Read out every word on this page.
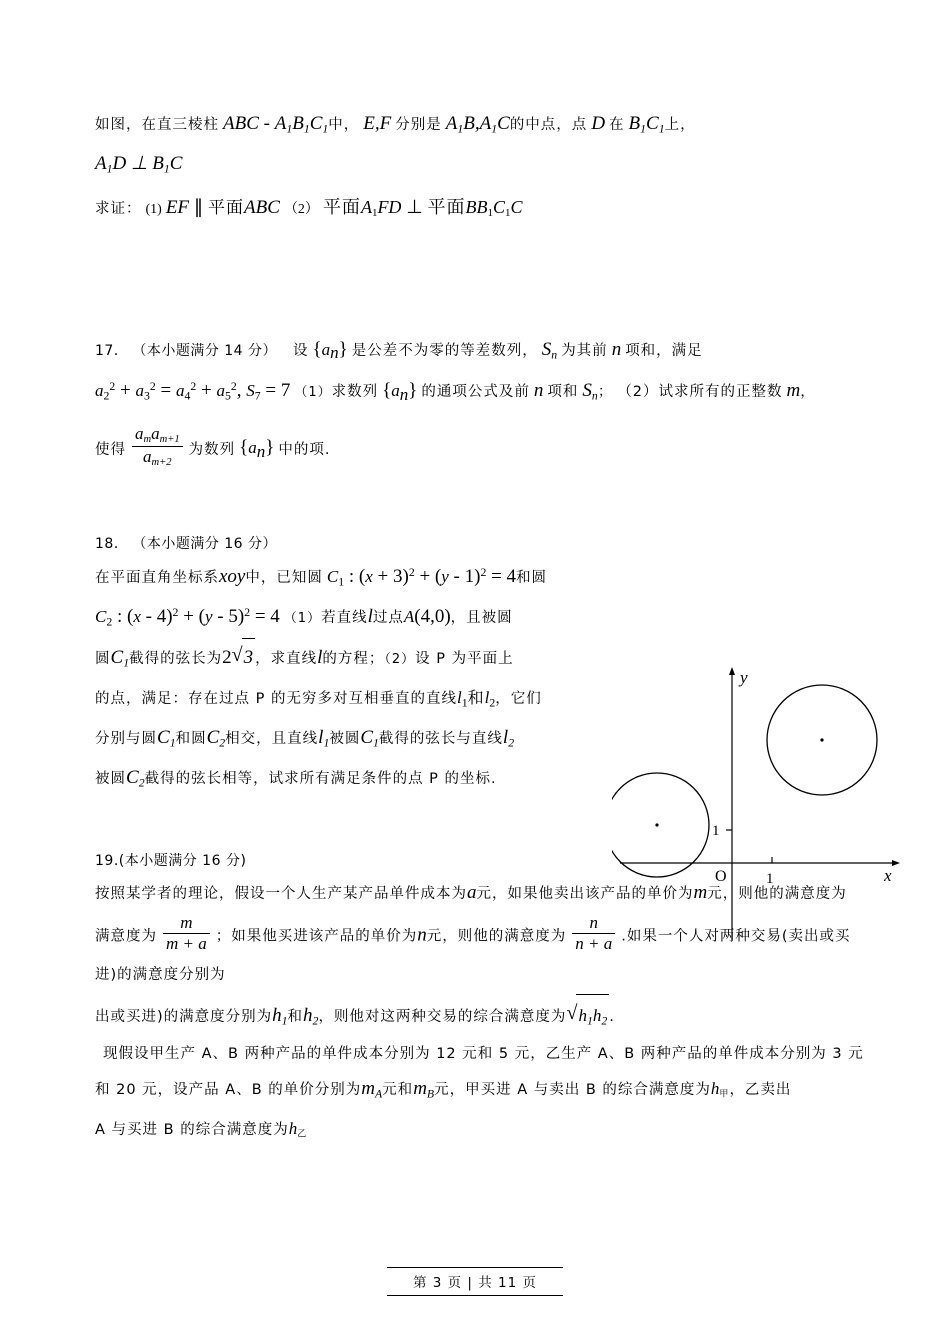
如图，在直三棱柱 ABC - $A_1B_1C_1$中， E,F 分别是 $A_1B,A_1C$的中点，点 D 在 $B_1C_1$上，
$A_1D$ ⊥ $B_1C$
求证： (1) EF ∥ 平面ABC （2） 平面$A_1FD$ ⊥ 平面$BB_1C_1C$
17． （本小题满分 14 分） 设 $\{a_n\}$ 是公差不为零的等差数列， $S_n$ 为其前 n 项和，满足
$a_2^2 + a_3^2 = a_4^2 + a_5^2$, $S_7 = 7$ （1）求数列 $\{a_n\}$ 的通项公式及前 n 项和 $S_n$； （2）试求所有的正整数 m，
使得 $\frac{a_ma_{m+1}}{a_{m+2}}$ 为数列 $\{a_n\}$ 中的项.
18． （本小题满分 16 分）
在平面直角坐标系xoy中，已知圆 $C_1$ : $(x + 3)^2 + (y - 1)^2 = 4$和圆
$C_2$ : (x - 4)$^2$ + (y - 5)$^2$ = 4 （1）若直线l过点A(4,0)，且被圆
圆$C_1$截得的弦长为2 √ 3 ，求直线l的方程；（2）设 P 为平面上
的点，满足：存在过点 P 的无穷多对互相垂直的直线$l_1$和$l_2$，它们
分别与圆$C_1$和圆$C_2$相交，且直线$l_1$被圆$C_1$截得的弦长与直线$l_2$
被圆$C_2$截得的弦长相等，试求所有满足条件的点 P 的坐标.
19.(本小题满分 16 分)
按照某学者的理论，假设一个人生产某产品单件成本为a元，如果他卖出该产品的单价为m元，则他的满意度为
满意度为 $\frac{m}{m + a}$ ；如果他买进该产品的单价为n元，则他的满意度为 $\frac{n}{n + a}$ .如果一个人对两种交易(卖出或买进)的满意度分别为
出或买进)的满意度分别为$h_1$和$h_2$，则他对这两种交易的综合满意度为 √ $h_1h_2$ .
现假设甲生产 A、B 两种产品的单件成本分别为 12 元和 5 元，乙生产 A、B 两种产品的单件成本分别为 3 元和 20 元，设产品 A、B 的单价分别为$m_A$元和$m_B$元，甲买进 A 与卖出 B 的综合满意度为$h_甲$，乙卖出
A 与买进 B 的综合满意度为$h_乙$
y
x
O	1
1
第 3 页 | 共 11 页
